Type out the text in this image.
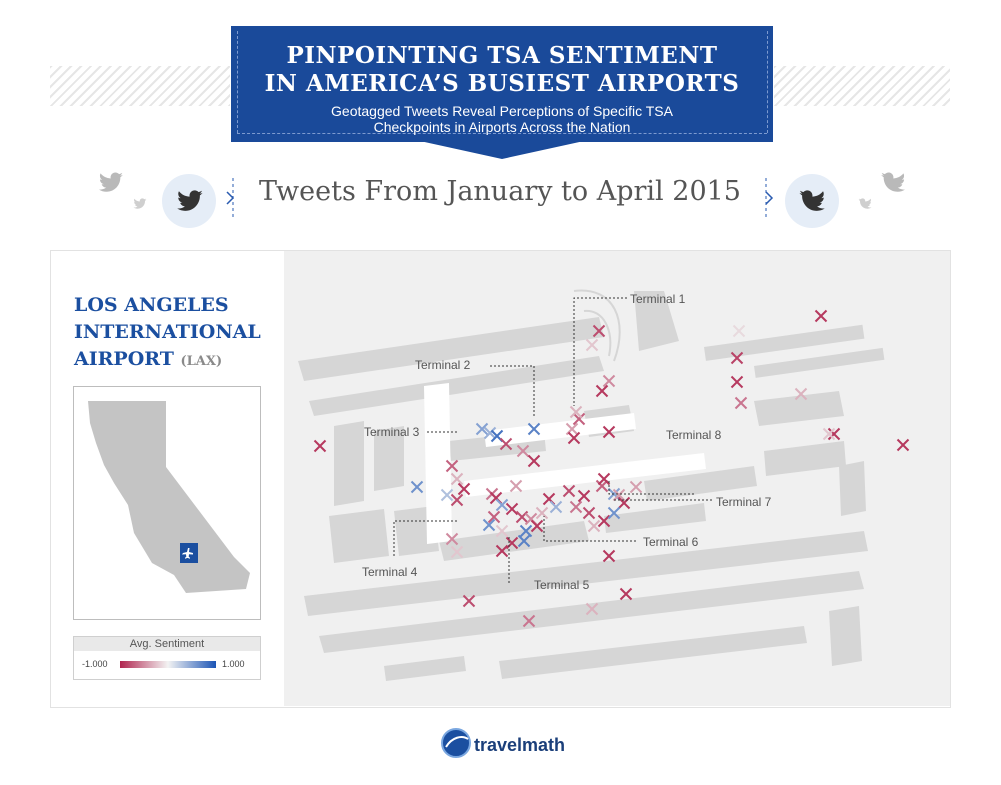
PINPOINTING TSA SENTIMENT
IN AMERICA’S BUSIEST AIRPORTS
Geotagged Tweets Reveal Perceptions of Specific TSA
Checkpoints in Airports Across the Nation
Tweets From January to April 2015
LOS ANGELES
INTERNATIONAL
AIRPORT (LAX)
Avg. Sentiment
-1.000	1.000
Terminal 1
Terminal 2
Terminal 3
Terminal 4
Terminal 5
Terminal 6
Terminal 7
Terminal 8
travelmath
